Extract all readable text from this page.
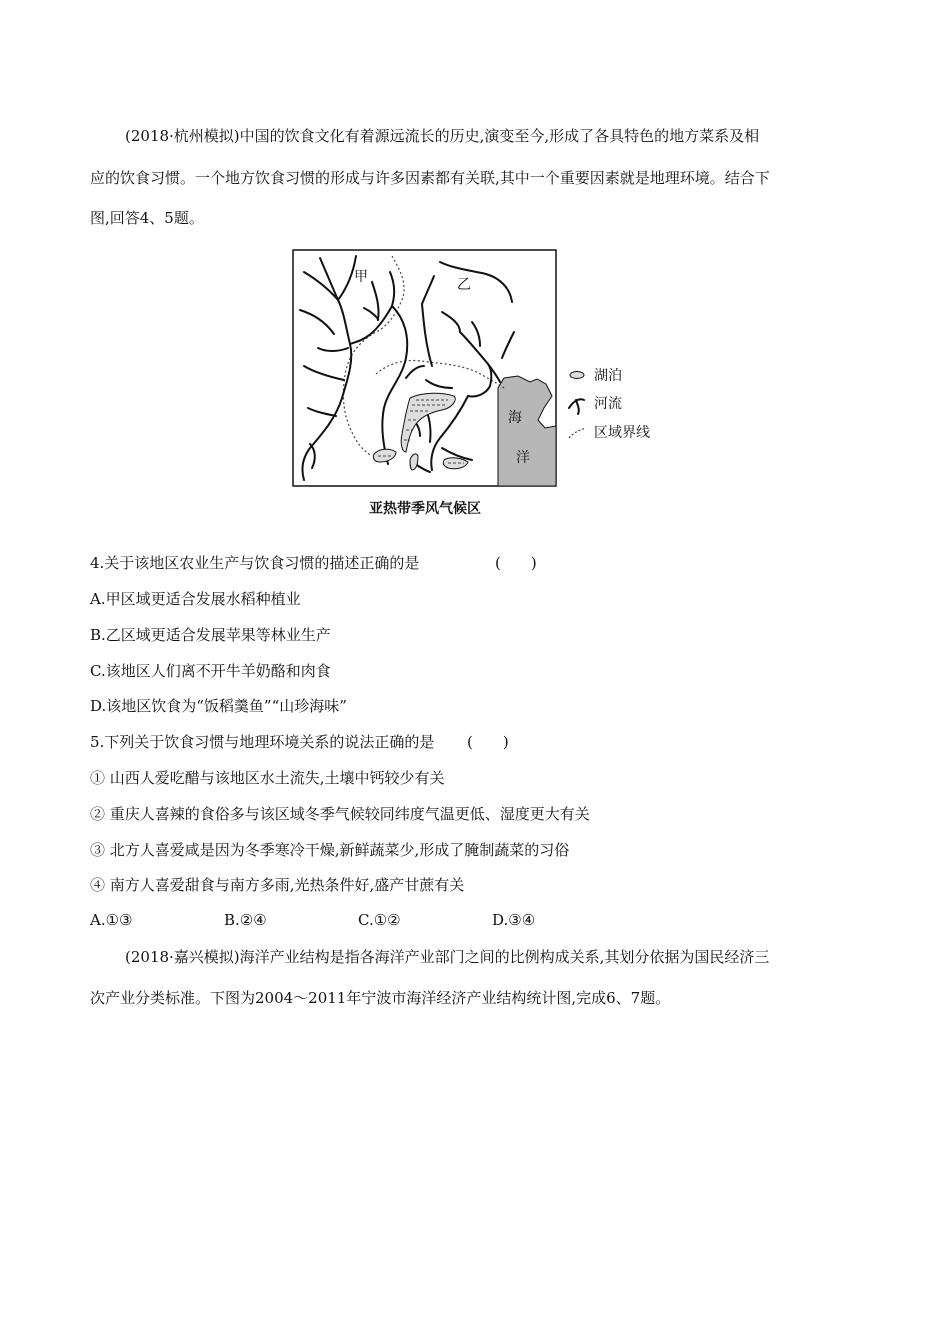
(2018·杭州模拟)中国的饮食文化有着源远流长的历史,演变至今,形成了各具特色的地方菜系及相
应的饮食习惯。一个地方饮食习惯的形成与许多因素都有关联,其中一个重要因素就是地理环境。结合下
图,回答4、5题。
甲	乙
海
洋
湖泊
河流
区域界线
亚热带季风气候区
4.关于该地区农业生产与饮食习惯的描述正确的是	(　　)
A.甲区域更适合发展水稻种植业
B.乙区域更适合发展苹果等林业生产
C.该地区人们离不开牛羊奶酪和肉食
D.该地区饮食为“饭稻羹鱼”“山珍海味”
5.下列关于饮食习惯与地理环境关系的说法正确的是 (　　)
① 山西人爱吃醋与该地区水土流失,土壤中钙较少有关
② 重庆人喜辣的食俗多与该区域冬季气候较同纬度气温更低、湿度更大有关
③ 北方人喜爱咸是因为冬季寒冷干燥,新鲜蔬菜少,形成了腌制蔬菜的习俗
④ 南方人喜爱甜食与南方多雨,光热条件好,盛产甘蔗有关
A.①③	B.②④	C.①②	D.③④
(2018·嘉兴模拟)海洋产业结构是指各海洋产业部门之间的比例构成关系,其划分依据为国民经济三
次产业分类标准。下图为2004～2011年宁波市海洋经济产业结构统计图,完成6、7题。
